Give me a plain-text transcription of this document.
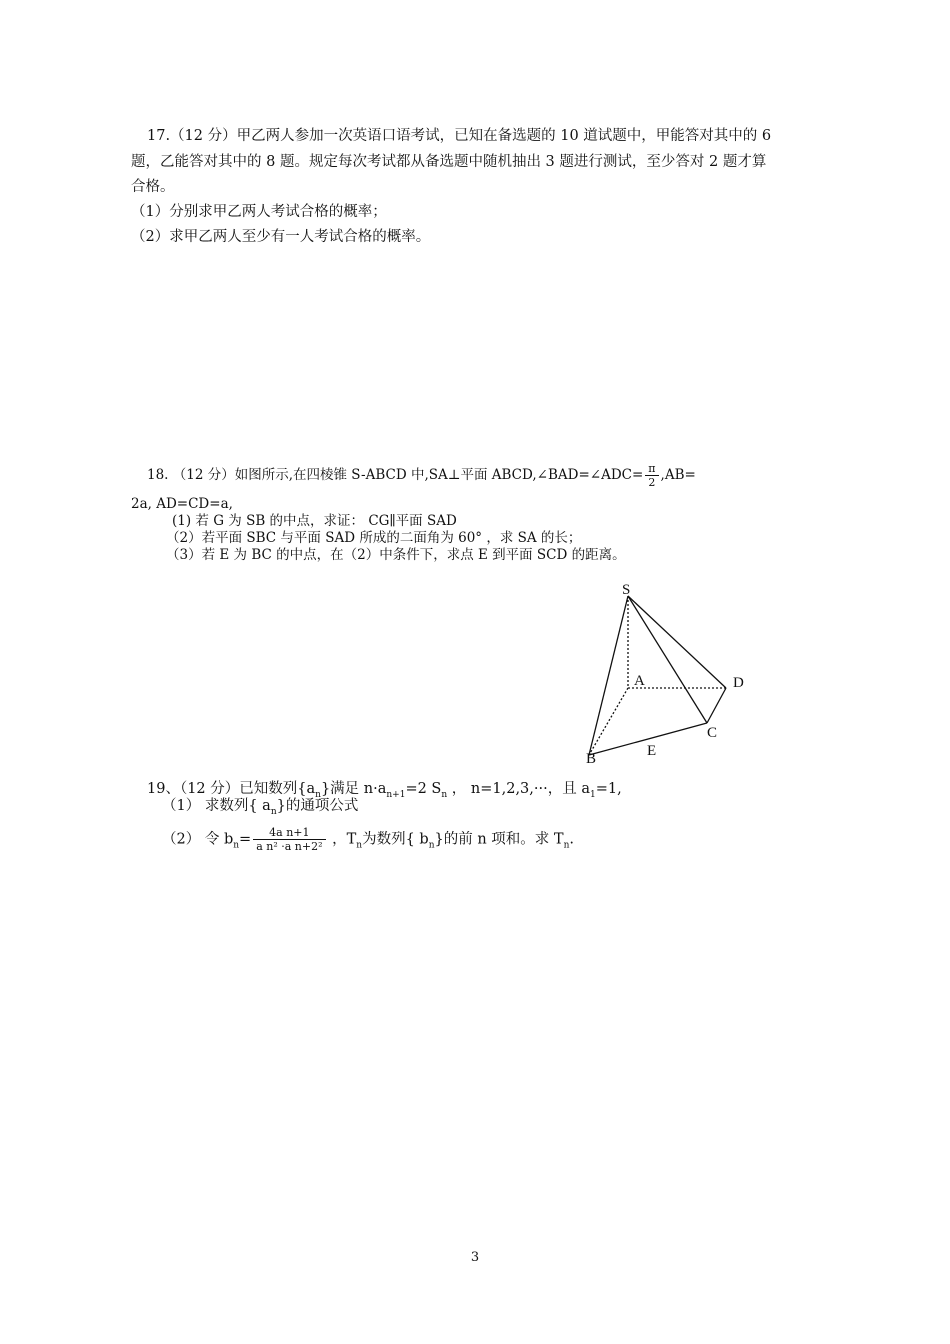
17.（12 分）甲乙两人参加一次英语口语考试，已知在备选题的 10 道试题中，甲能答对其中的 6
题，乙能答对其中的 8 题。规定每次考试都从备选题中随机抽出 3 题进行测试，至少答对 2 题才算
合格。
（1）分别求甲乙两人考试合格的概率；
（2）求甲乙两人至少有一人考试合格的概率。
18. （12 分）如图所示,在四棱锥 S-ABCD 中,SA⊥平面 ABCD,∠BAD=∠ADC= $\frac{\pi}{2} ,AB=$
2a, AD=CD=a,
(1) 若 G 为 SB 的中点，求证： CG∥平面 SAD
（2）若平面 SBC 与平面 SAD 所成的二面角为 60° ，求 SA 的长；
（3）若 E 为 BC 的中点，在（2）中条件下，求点 E 到平面 SCD 的距离。
S
A	D
C
E
B
19、（12 分）已知数列$\{a_n\}$满足 $n\cdot a_{n+1}=2$ $S_n$ ， n=1,2,3,···，且 $a_1=1$,
（1） 求数列{ $a_n$}的通项公式
（2） 令 $b_n= \frac{\text{4a n+1}}{\text{a n² ·a n+2²}}$ ，$T_n$为数列{ $b_n$}的前 n 项和。求 $T_n$.
3
